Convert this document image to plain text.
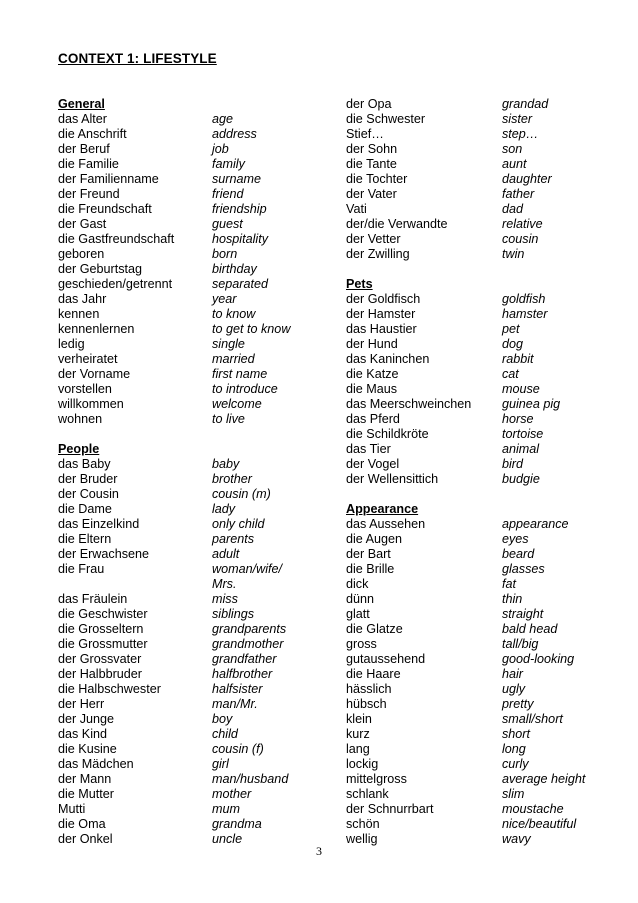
CONTEXT 1: LIFESTYLE
General
das Alter	age
die Anschrift	address
der Beruf	job
die Familie	family
der Familienname	surname
der Freund	friend
die Freundschaft	friendship
der Gast	guest
die Gastfreundschaft	hospitality
geboren	born
der Geburtstag	birthday
geschieden/getrennt	separated
das Jahr	year
kennen	to know
kennenlernen	to get to know
ledig	single
verheiratet	married
der Vorname	first name
vorstellen	to introduce
willkommen	welcome
wohnen	to live
People
das Baby	baby
der Bruder	brother
der Cousin	cousin (m)
die Dame	lady
das Einzelkind	only child
die Eltern	parents
der Erwachsene	adult
die Frau	woman/wife/
Mrs.
das Fräulein	miss
die Geschwister	siblings
die Grosseltern	grandparents
die Grossmutter	grandmother
der Grossvater	grandfather
der Halbbruder	halfbrother
die Halbschwester	halfsister
der Herr	man/Mr.
der Junge	boy
das Kind	child
die Kusine	cousin (f)
das Mädchen	girl
der Mann	man/husband
die Mutter	mother
Mutti	mum
die Oma	grandma
der Onkel	uncle
der Opa	grandad
die Schwester	sister
Stief…	step…
der Sohn	son
die Tante	aunt
die Tochter	daughter
der Vater	father
Vati	dad
der/die Verwandte	relative
der Vetter	cousin
der Zwilling	twin
Pets
der Goldfisch	goldfish
der Hamster	hamster
das Haustier	pet
der Hund	dog
das Kaninchen	rabbit
die Katze	cat
die Maus	mouse
das Meerschweinchen guinea pig
das Pferd	horse
die Schildkröte	tortoise
das Tier	animal
der Vogel	bird
der Wellensittich	budgie
Appearance
das Aussehen	appearance
die Augen	eyes
der Bart	beard
die Brille	glasses
dick	fat
dünn	thin
glatt	straight
die Glatze	bald head
gross	tall/big
gutaussehend	good-looking
die Haare	hair
hässlich	ugly
hübsch	pretty
klein	small/short
kurz	short
lang	long
lockig	curly
mittelgross	average height
schlank	slim
der Schnurrbart	moustache
schön	nice/beautiful
wellig	wavy
3
